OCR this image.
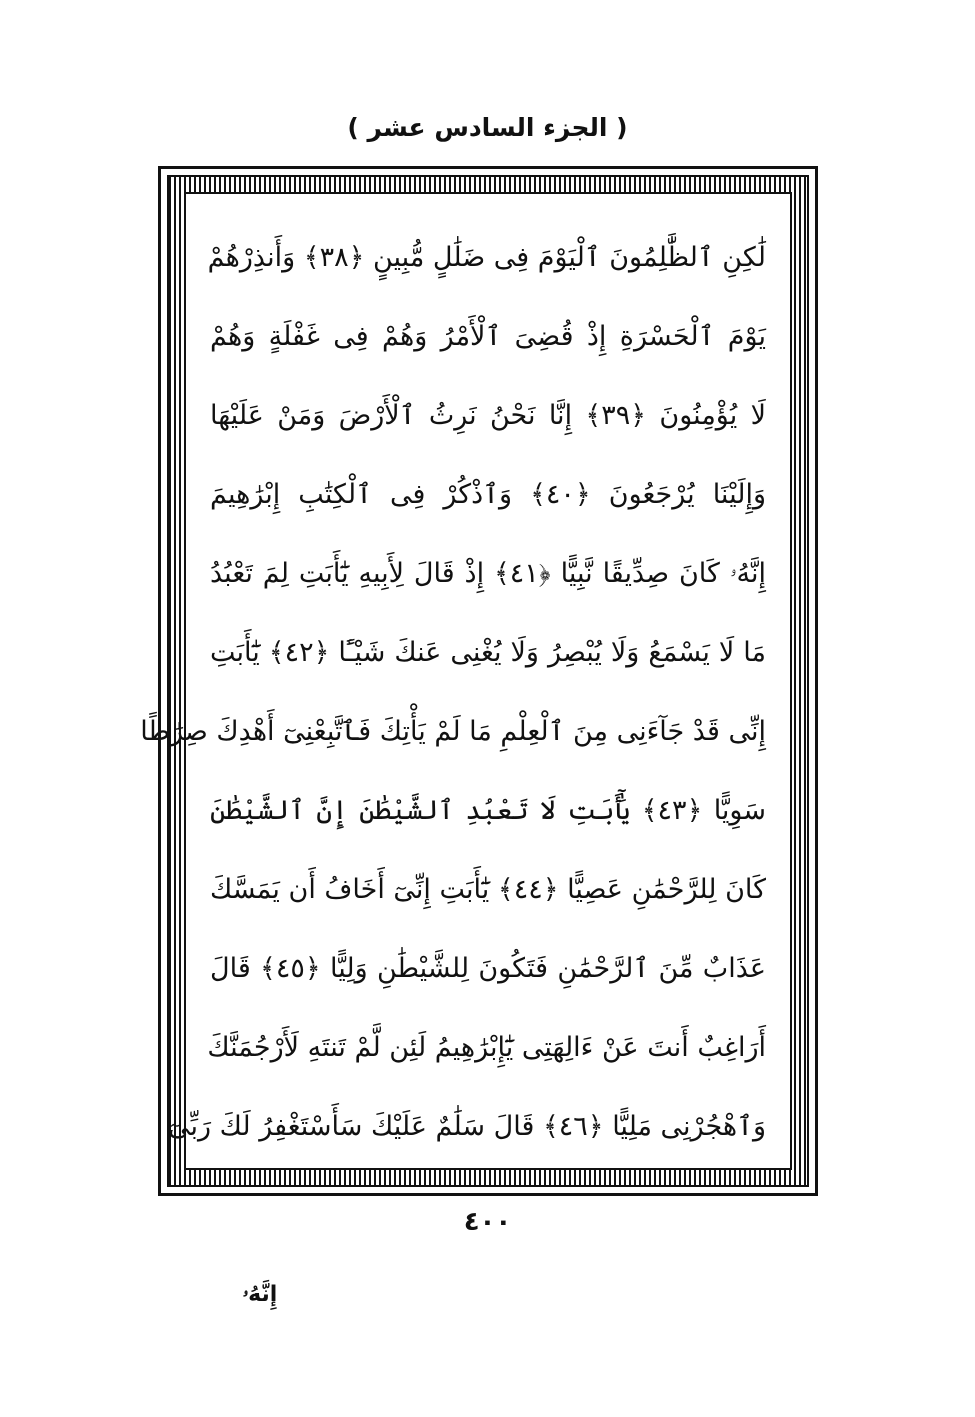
( الجزء السادس عشر )
لَٰكِنِ ٱلظَّٰلِمُونَ ٱلْيَوْمَ فِى ضَلَٰلٍ مُّبِينٍ ﴿٣٨﴾ وَأَنذِرْهُمْ
يَوْمَ ٱلْحَسْرَةِ إِذْ قُضِىَ ٱلْأَمْرُ وَهُمْ فِى غَفْلَةٍ وَهُمْ
لَا يُؤْمِنُونَ ﴿٣٩﴾ إِنَّا نَحْنُ نَرِثُ ٱلْأَرْضَ وَمَنْ عَلَيْهَا
وَإِلَيْنَا يُرْجَعُونَ ﴿٤٠﴾ وَٱذْكُرْ فِى ٱلْكِتَٰبِ إِبْرَٰهِيمَ
إِنَّهُۥ كَانَ صِدِّيقًا نَّبِيًّا ﴿٤١﴾ إِذْ قَالَ لِأَبِيهِ يَٰٓأَبَتِ لِمَ تَعْبُدُ
مَا لَا يَسْمَعُ وَلَا يُبْصِرُ وَلَا يُغْنِى عَنكَ شَيْـًٔا ﴿٤٢﴾ يَٰٓأَبَتِ
إِنِّى قَدْ جَآءَنِى مِنَ ٱلْعِلْمِ مَا لَمْ يَأْتِكَ فَٱتَّبِعْنِىٓ أَهْدِكَ صِرَٰطًا
سَوِيًّا ﴿٤٣﴾ يَٰٓأَبَتِ لَا تَعْبُدِ ٱلشَّيْطَٰنَ إِنَّ ٱلشَّيْطَٰنَ
كَانَ لِلرَّحْمَٰنِ عَصِيًّا ﴿٤٤﴾ يَٰٓأَبَتِ إِنِّىٓ أَخَافُ أَن يَمَسَّكَ
عَذَابٌ مِّنَ ٱلرَّحْمَٰنِ فَتَكُونَ لِلشَّيْطَٰنِ وَلِيًّا ﴿٤٥﴾ قَالَ
أَرَاغِبٌ أَنتَ عَنْ ءَالِهَتِى يَٰٓإِبْرَٰهِيمُ لَئِن لَّمْ تَنتَهِ لَأَرْجُمَنَّكَ
وَٱهْجُرْنِى مَلِيًّا ﴿٤٦﴾ قَالَ سَلَٰمٌ عَلَيْكَ سَأَسْتَغْفِرُ لَكَ رَبِّىٓ
٤٠٠
إِنَّهُۥ
